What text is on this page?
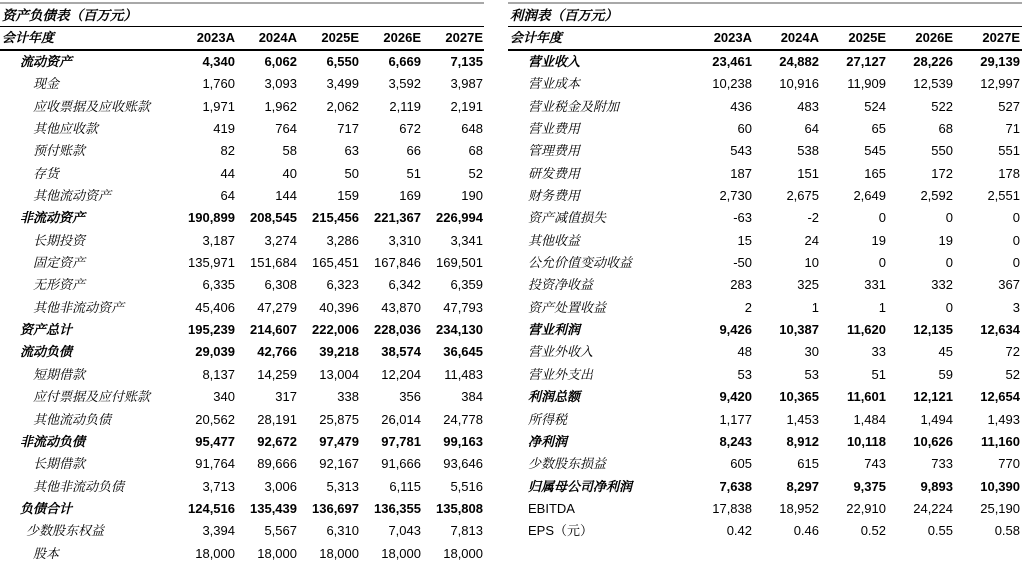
资产负债表（百万元）
会计年度	2023A	2024A	2025E	2026E	2027E
流动资产	4,340	6,062	6,550	6,669	7,135
现金	1,760	3,093	3,499	3,592	3,987
应收票据及应收账款	1,971	1,962	2,062	2,119	2,191
其他应收款	419	764	717	672	648
预付账款	82	58	63	66	68
存货	44	40	50	51	52
其他流动资产	64	144	159	169	190
非流动资产	190,899	208,545	215,456	221,367	226,994
长期投资	3,187	3,274	3,286	3,310	3,341
固定资产	135,971	151,684	165,451	167,846	169,501
无形资产	6,335	6,308	6,323	6,342	6,359
其他非流动资产	45,406	47,279	40,396	43,870	47,793
资产总计	195,239	214,607	222,006	228,036	234,130
流动负债	29,039	42,766	39,218	38,574	36,645
短期借款	8,137	14,259	13,004	12,204	11,483
应付票据及应付账款	340	317	338	356	384
其他流动负债	20,562	28,191	25,875	26,014	24,778
非流动负债	95,477	92,672	97,479	97,781	99,163
长期借款	91,764	89,666	92,167	91,666	93,646
其他非流动负债	3,713	3,006	5,313	6,115	5,516
负债合计	124,516	135,439	136,697	136,355	135,808
少数股东权益	3,394	5,567	6,310	7,043	7,813
股本	18,000	18,000	18,000	18,000	18,000
利润表（百万元）
会计年度	2023A	2024A	2025E	2026E	2027E
营业收入	23,461	24,882	27,127	28,226	29,139
营业成本	10,238	10,916	11,909	12,539	12,997
营业税金及附加	436	483	524	522	527
营业费用	60	64	65	68	71
管理费用	543	538	545	550	551
研发费用	187	151	165	172	178
财务费用	2,730	2,675	2,649	2,592	2,551
资产减值损失	-63	-2	0	0	0
其他收益	15	24	19	19	0
公允价值变动收益	-50	10	0	0	0
投资净收益	283	325	331	332	367
资产处置收益	2	1	1	0	3
营业利润	9,426	10,387	11,620	12,135	12,634
营业外收入	48	30	33	45	72
营业外支出	53	53	51	59	52
利润总额	9,420	10,365	11,601	12,121	12,654
所得税	1,177	1,453	1,484	1,494	1,493
净利润	8,243	8,912	10,118	10,626	11,160
少数股东损益	605	615	743	733	770
归属母公司净利润	7,638	8,297	9,375	9,893	10,390
EBITDA	17,838	18,952	22,910	24,224	25,190
EPS（元）	0.42	0.46	0.52	0.55	0.58
